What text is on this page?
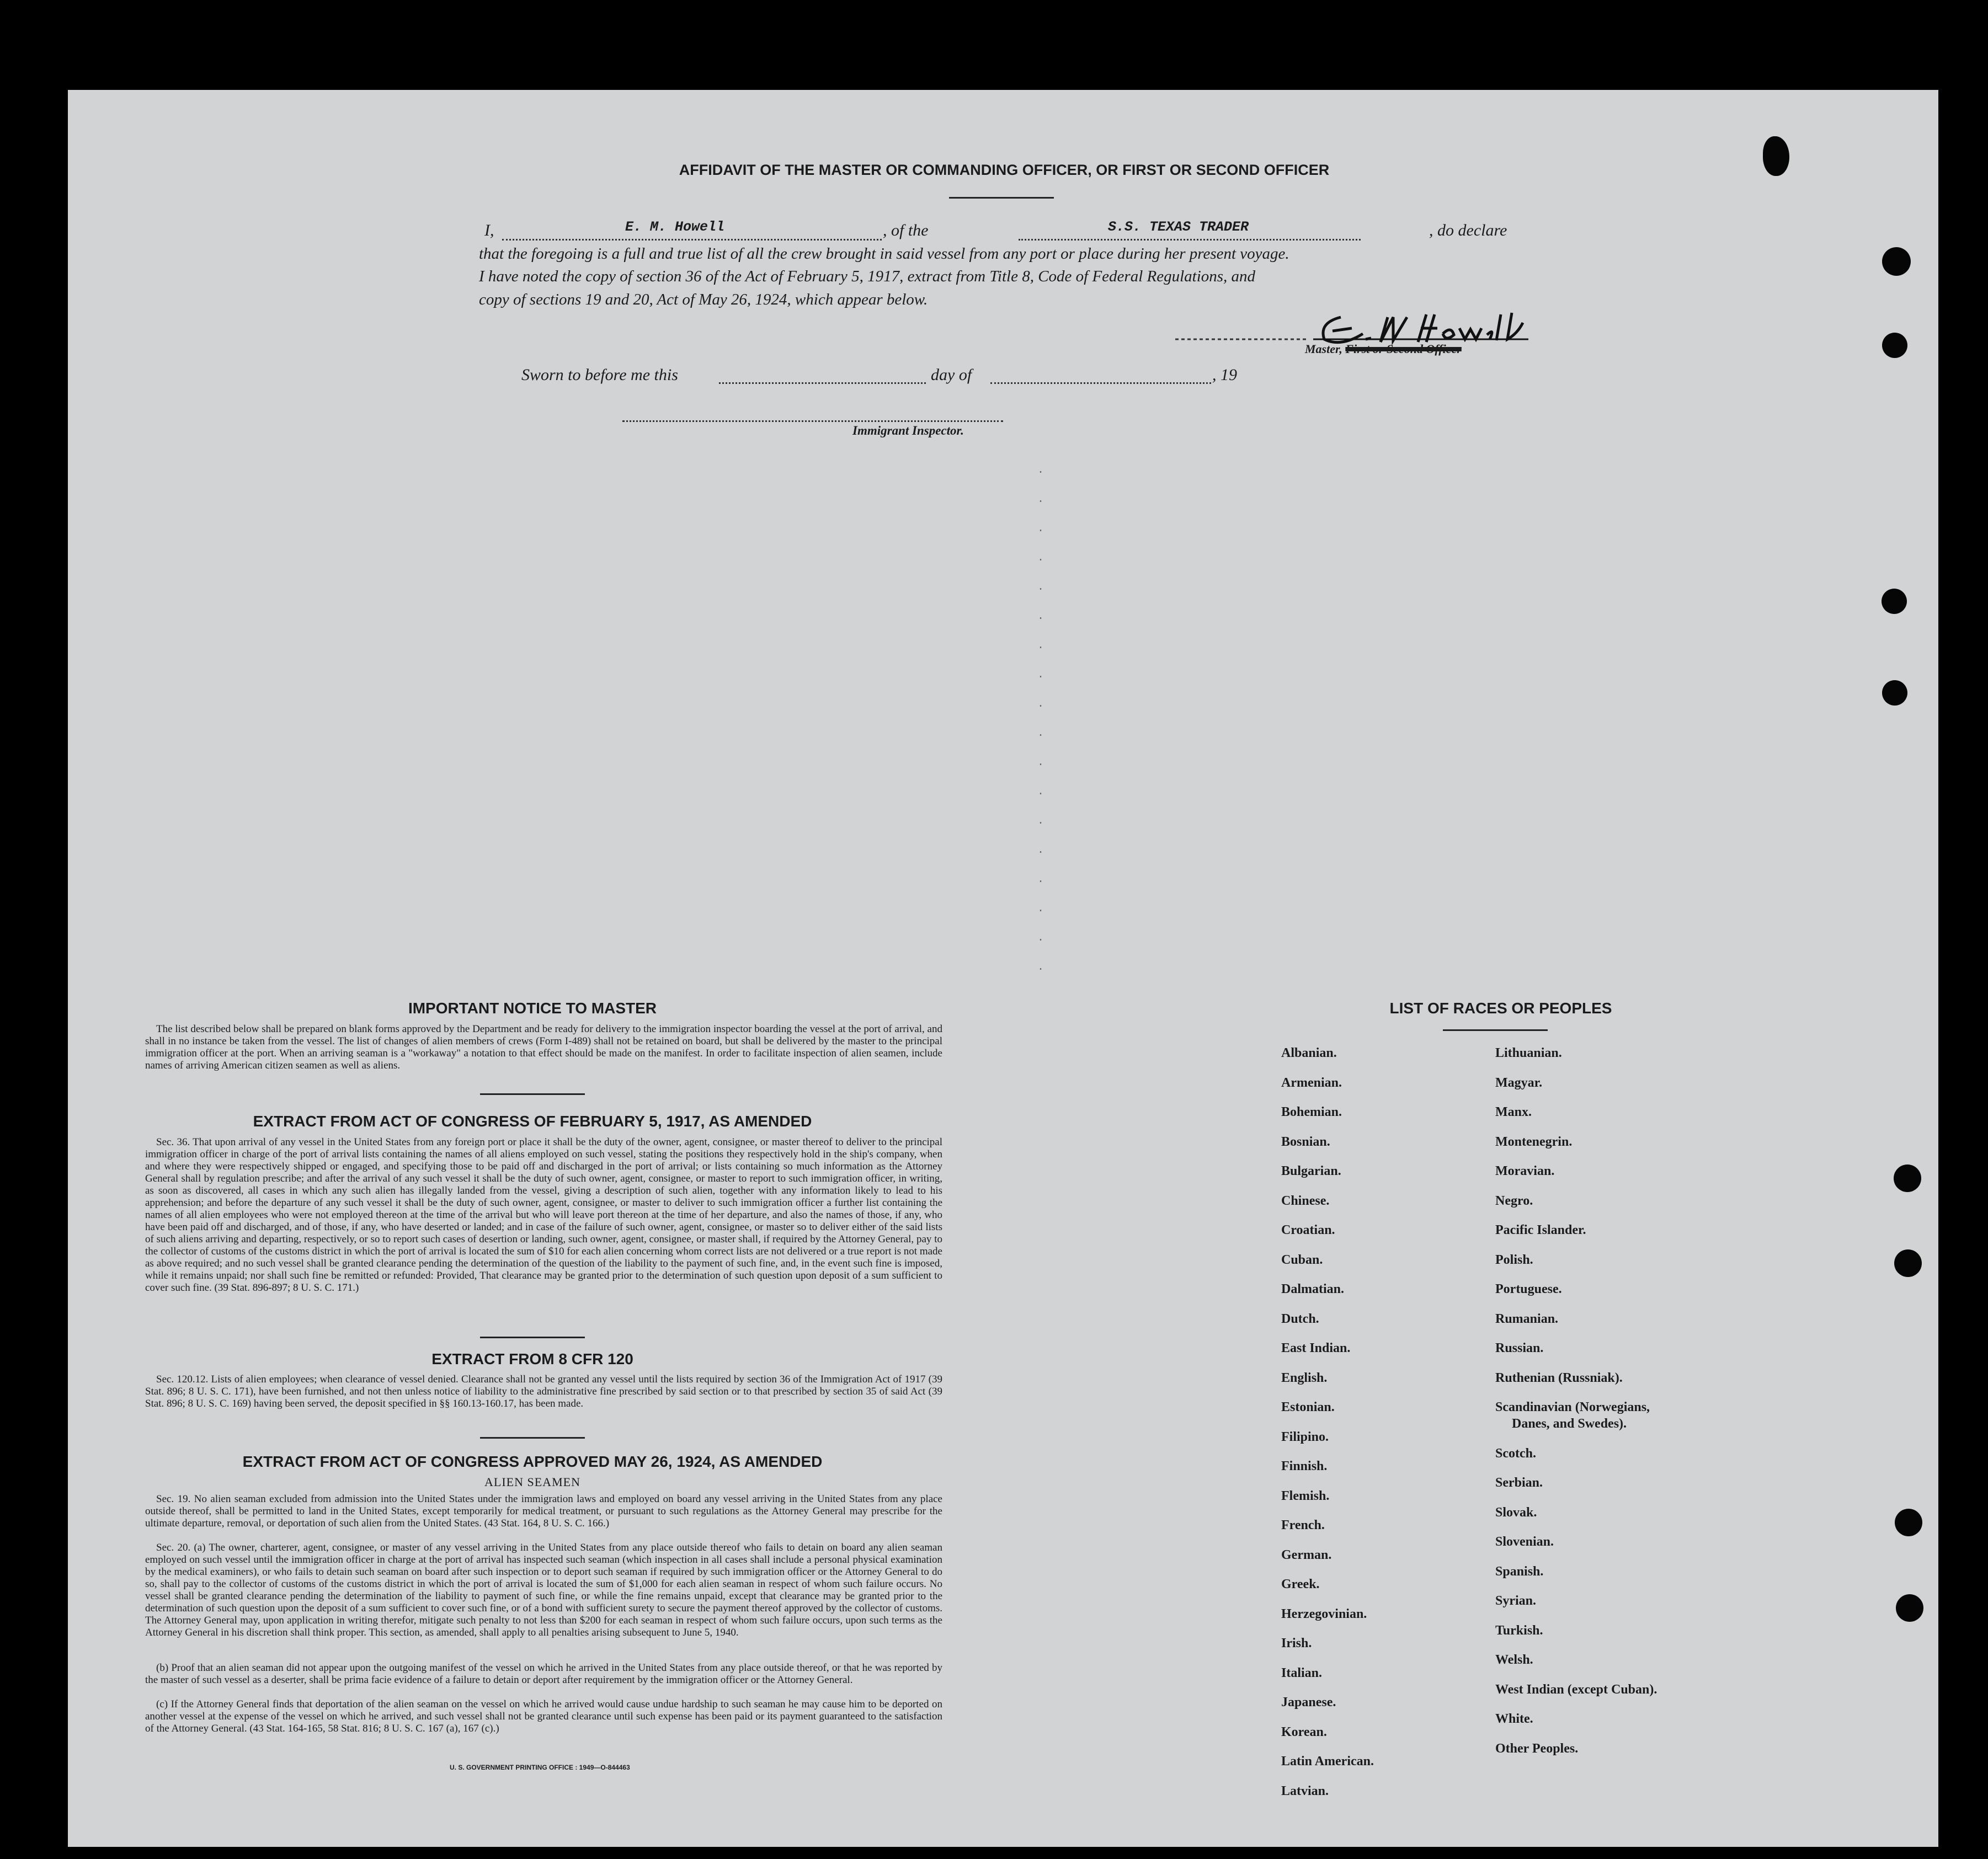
AFFIDAVIT OF THE MASTER OR COMMANDING OFFICER, OR FIRST OR SECOND OFFICER
I,	E. M. Howell	, of the	S.S. TEXAS TRADER	, do declare
that the foregoing is a full and true list of all the crew brought in said vessel from any port or place during her present voyage.
I have noted the copy of section 36 of the Act of February 5, 1917, extract from Title 8, Code of Federal Regulations, and
copy of sections 19 and 20, Act of May 26, 1924, which appear below.
Master, First or Second Officer
Sworn to before me this	day of	, 19
Immigrant Inspector.
·
·
·
·
·
·
·
·
·
·
·
·
·
·
·
·
·
·
IMPORTANT NOTICE TO MASTER
The list described below shall be prepared on blank forms approved by the Department and be ready for delivery to the immigration inspector boarding the vessel at the port of arrival, and shall in no instance be taken from the vessel. The list of changes of alien members of crews (Form I-489) shall not be retained on board, but shall be delivered by the master to the principal immigration officer at the port. When an arriving seaman is a "workaway" a notation to that effect should be made on the manifest. In order to facilitate inspection of alien seamen, include names of arriving American citizen seamen as well as aliens.
EXTRACT FROM ACT OF CONGRESS OF FEBRUARY 5, 1917, AS AMENDED
Sec. 36. That upon arrival of any vessel in the United States from any foreign port or place it shall be the duty of the owner, agent, consignee, or master thereof to deliver to the principal immigration officer in charge of the port of arrival lists containing the names of all aliens employed on such vessel, stating the positions they respectively hold in the ship's company, when and where they were respectively shipped or engaged, and specifying those to be paid off and discharged in the port of arrival; or lists containing so much information as the Attorney General shall by regulation prescribe; and after the arrival of any such vessel it shall be the duty of such owner, agent, consignee, or master to report to such immigration officer, in writing, as soon as discovered, all cases in which any such alien has illegally landed from the vessel, giving a description of such alien, together with any information likely to lead to his apprehension; and before the departure of any such vessel it shall be the duty of such owner, agent, consignee, or master to deliver to such immigration officer a further list containing the names of all alien employees who were not employed thereon at the time of the arrival but who will leave port thereon at the time of her departure, and also the names of those, if any, who have been paid off and discharged, and of those, if any, who have deserted or landed; and in case of the failure of such owner, agent, consignee, or master so to deliver either of the said lists of such aliens arriving and departing, respectively, or so to report such cases of desertion or landing, such owner, agent, consignee, or master shall, if required by the Attorney General, pay to the collector of customs of the customs district in which the port of arrival is located the sum of $10 for each alien concerning whom correct lists are not delivered or a true report is not made as above required; and no such vessel shall be granted clearance pending the determination of the question of the liability to the payment of such fine, and, in the event such fine is imposed, while it remains unpaid; nor shall such fine be remitted or refunded: Provided, That clearance may be granted prior to the determination of such question upon deposit of a sum sufficient to cover such fine. (39 Stat. 896-897; 8 U. S. C. 171.)
EXTRACT FROM 8 CFR 120
Sec. 120.12. Lists of alien employees; when clearance of vessel denied. Clearance shall not be granted any vessel until the lists required by section 36 of the Immigration Act of 1917 (39 Stat. 896; 8 U. S. C. 171), have been furnished, and not then unless notice of liability to the administrative fine prescribed by said section or to that prescribed by section 35 of said Act (39 Stat. 896; 8 U. S. C. 169) having been served, the deposit specified in §§ 160.13-160.17, has been made.
EXTRACT FROM ACT OF CONGRESS APPROVED MAY 26, 1924, AS AMENDED
ALIEN SEAMEN
Sec. 19. No alien seaman excluded from admission into the United States under the immigration laws and employed on board any vessel arriving in the United States from any place outside thereof, shall be permitted to land in the United States, except temporarily for medical treatment, or pursuant to such regulations as the Attorney General may prescribe for the ultimate departure, removal, or deportation of such alien from the United States. (43 Stat. 164, 8 U. S. C. 166.)
Sec. 20. (a) The owner, charterer, agent, consignee, or master of any vessel arriving in the United States from any place outside thereof who fails to detain on board any alien seaman employed on such vessel until the immigration officer in charge at the port of arrival has inspected such seaman (which inspection in all cases shall include a personal physical examination by the medical examiners), or who fails to detain such seaman on board after such inspection or to deport such seaman if required by such immigration officer or the Attorney General to do so, shall pay to the collector of customs of the customs district in which the port of arrival is located the sum of $1,000 for each alien seaman in respect of whom such failure occurs. No vessel shall be granted clearance pending the determination of the liability to payment of such fine, or while the fine remains unpaid, except that clearance may be granted prior to the determination of such question upon the deposit of a sum sufficient to cover such fine, or of a bond with sufficient surety to secure the payment thereof approved by the collector of customs. The Attorney General may, upon application in writing therefor, mitigate such penalty to not less than $200 for each seaman in respect of whom such failure occurs, upon such terms as the Attorney General in his discretion shall think proper. This section, as amended, shall apply to all penalties arising subsequent to June 5, 1940.
(b) Proof that an alien seaman did not appear upon the outgoing manifest of the vessel on which he arrived in the United States from any place outside thereof, or that he was reported by the master of such vessel as a deserter, shall be prima facie evidence of a failure to detain or deport after requirement by the immigration officer or the Attorney General.
(c) If the Attorney General finds that deportation of the alien seaman on the vessel on which he arrived would cause undue hardship to such seaman he may cause him to be deported on another vessel at the expense of the vessel on which he arrived, and such vessel shall not be granted clearance until such expense has been paid or its payment guaranteed to the satisfaction of the Attorney General. (43 Stat. 164-165, 58 Stat. 816; 8 U. S. C. 167 (a), 167 (c).)
U. S. GOVERNMENT PRINTING OFFICE : 1949—O-844463
LIST OF RACES OR PEOPLES
Albanian.
Armenian.
Bohemian.
Bosnian.
Bulgarian.
Chinese.
Croatian.
Cuban.
Dalmatian.
Dutch.
East Indian.
English.
Estonian.
Filipino.
Finnish.
Flemish.
French.
German.
Greek.
Herzegovinian.
Irish.
Italian.
Japanese.
Korean.
Latin American.
Latvian.
Lithuanian.
Magyar.
Manx.
Montenegrin.
Moravian.
Negro.
Pacific Islander.
Polish.
Portuguese.
Rumanian.
Russian.
Ruthenian (Russniak).
Scandinavian (Norwegians,
Danes, and Swedes).
Scotch.
Serbian.
Slovak.
Slovenian.
Spanish.
Syrian.
Turkish.
Welsh.
West Indian (except Cuban).
White.
Other Peoples.
